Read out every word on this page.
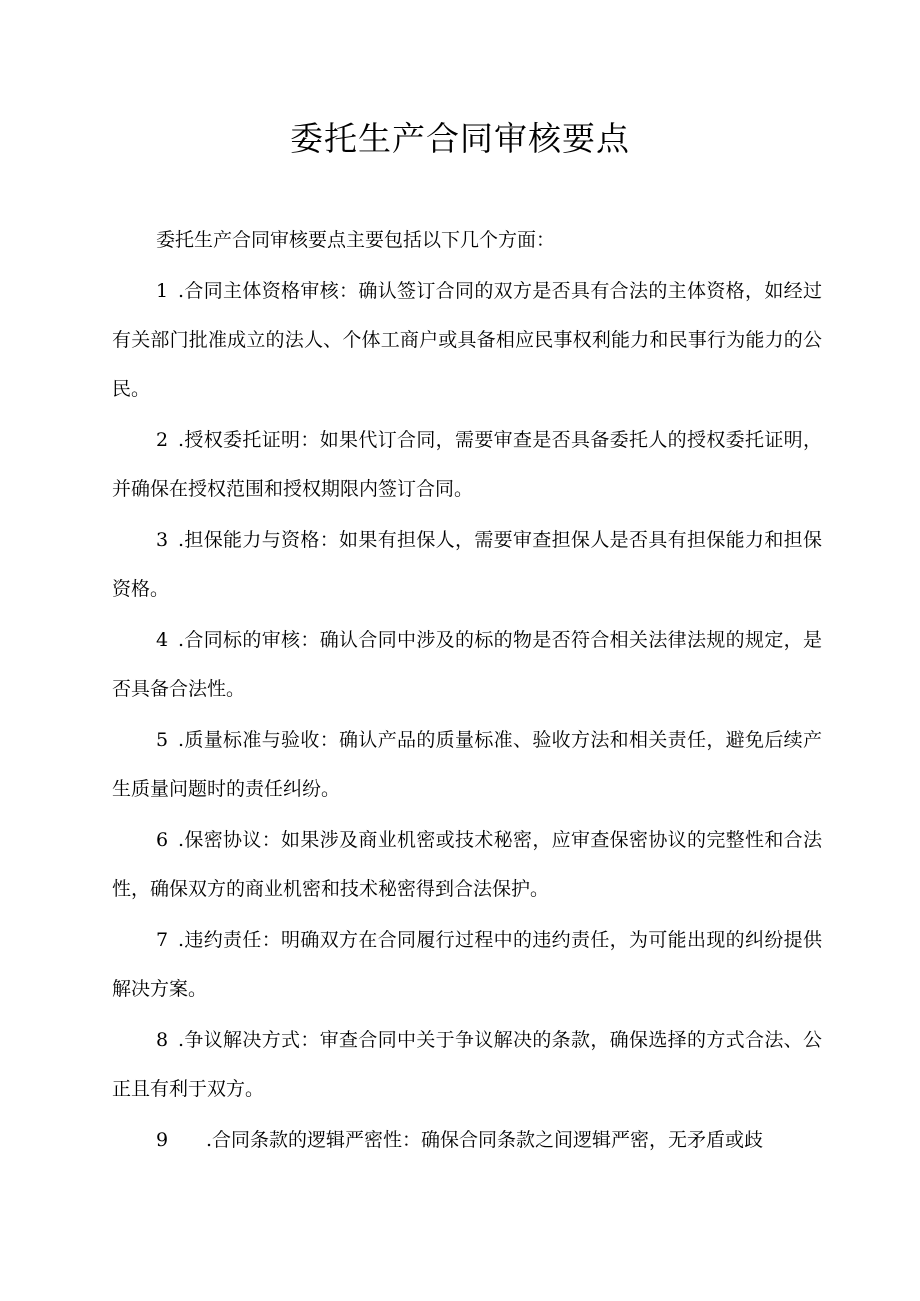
委托生产合同审核要点

委托生产合同审核要点主要包括以下几个方面：

1 .合同主体资格审核：确认签订合同的双方是否具有合法的主体资格，如经过有关部门批准成立的法人、个体工商户或具备相应民事权利能力和民事行为能力的公民。

2 .授权委托证明：如果代订合同，需要审查是否具备委托人的授权委托证明，并确保在授权范围和授权期限内签订合同。

3 .担保能力与资格：如果有担保人，需要审查担保人是否具有担保能力和担保资格。

4 .合同标的审核：确认合同中涉及的标的物是否符合相关法律法规的规定，是否具备合法性。

5 .质量标准与验收：确认产品的质量标准、验收方法和相关责任，避免后续产生质量问题时的责任纠纷。

6 .保密协议：如果涉及商业机密或技术秘密，应审查保密协议的完整性和合法性，确保双方的商业机密和技术秘密得到合法保护。

7 .违约责任：明确双方在合同履行过程中的违约责任，为可能出现的纠纷提供解决方案。

8 .争议解决方式：审查合同中关于争议解决的条款，确保选择的方式合法、公正且有利于双方。

9 .合同条款的逻辑严密性：确保合同条款之间逻辑严密，无矛盾或歧
